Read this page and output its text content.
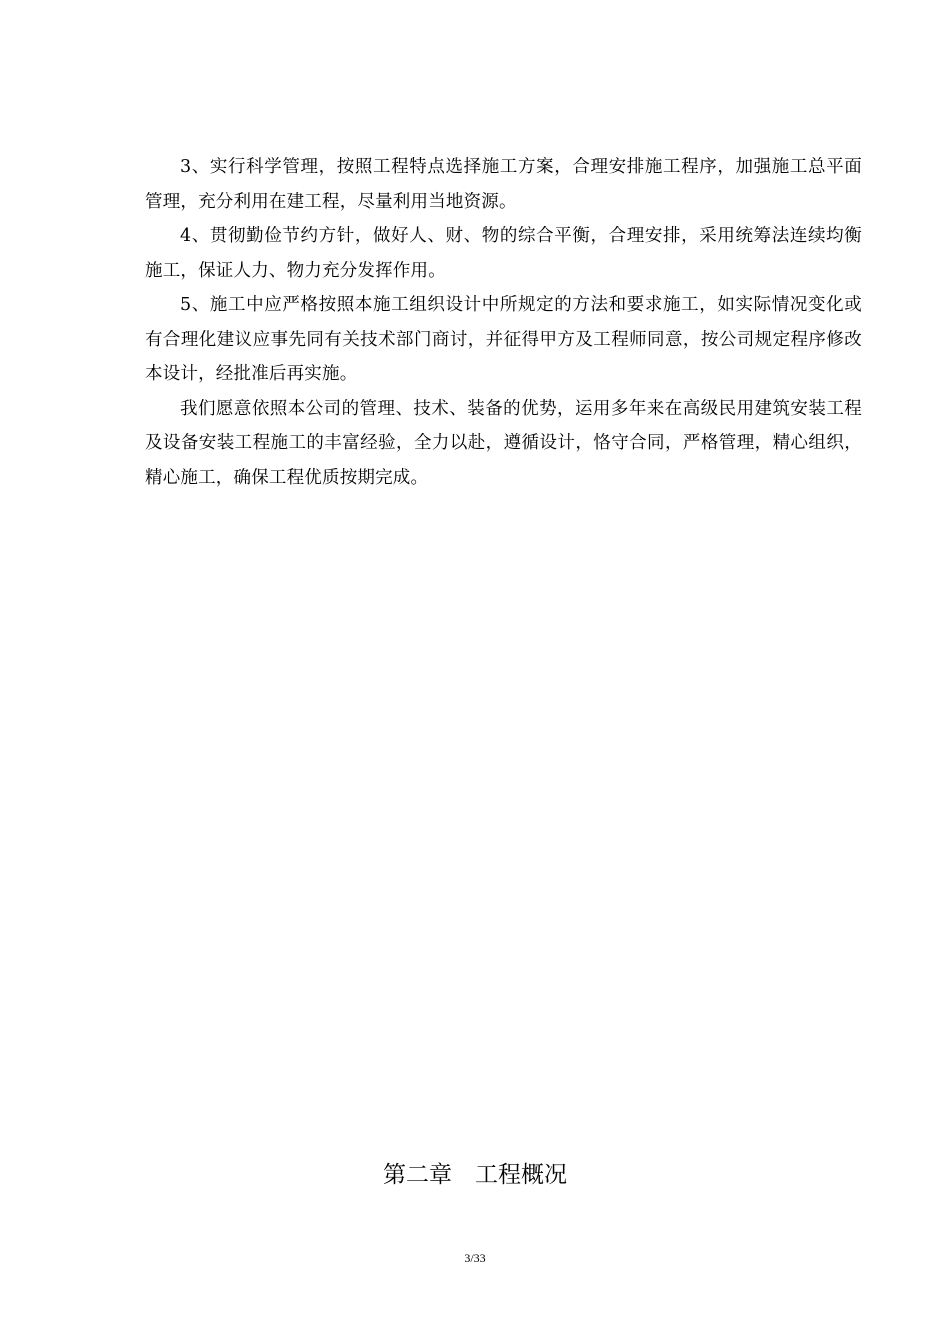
3、实行科学管理，按照工程特点选择施工方案，合理安排施工程序，加强施工总平面管理，充分利用在建工程，尽量利用当地资源。

4、贯彻勤俭节约方针，做好人、财、物的综合平衡，合理安排，采用统筹法连续均衡施工，保证人力、物力充分发挥作用。

5、施工中应严格按照本施工组织设计中所规定的方法和要求施工，如实际情况变化或有合理化建议应事先同有关技术部门商讨，并征得甲方及工程师同意，按公司规定程序修改本设计，经批准后再实施。

我们愿意依照本公司的管理、技术、装备的优势，运用多年来在高级民用建筑安装工程及设备安装工程施工的丰富经验，全力以赴，遵循设计，恪守合同，严格管理，精心组织，精心施工，确保工程优质按期完成。

第二章　工程概况
3/33
